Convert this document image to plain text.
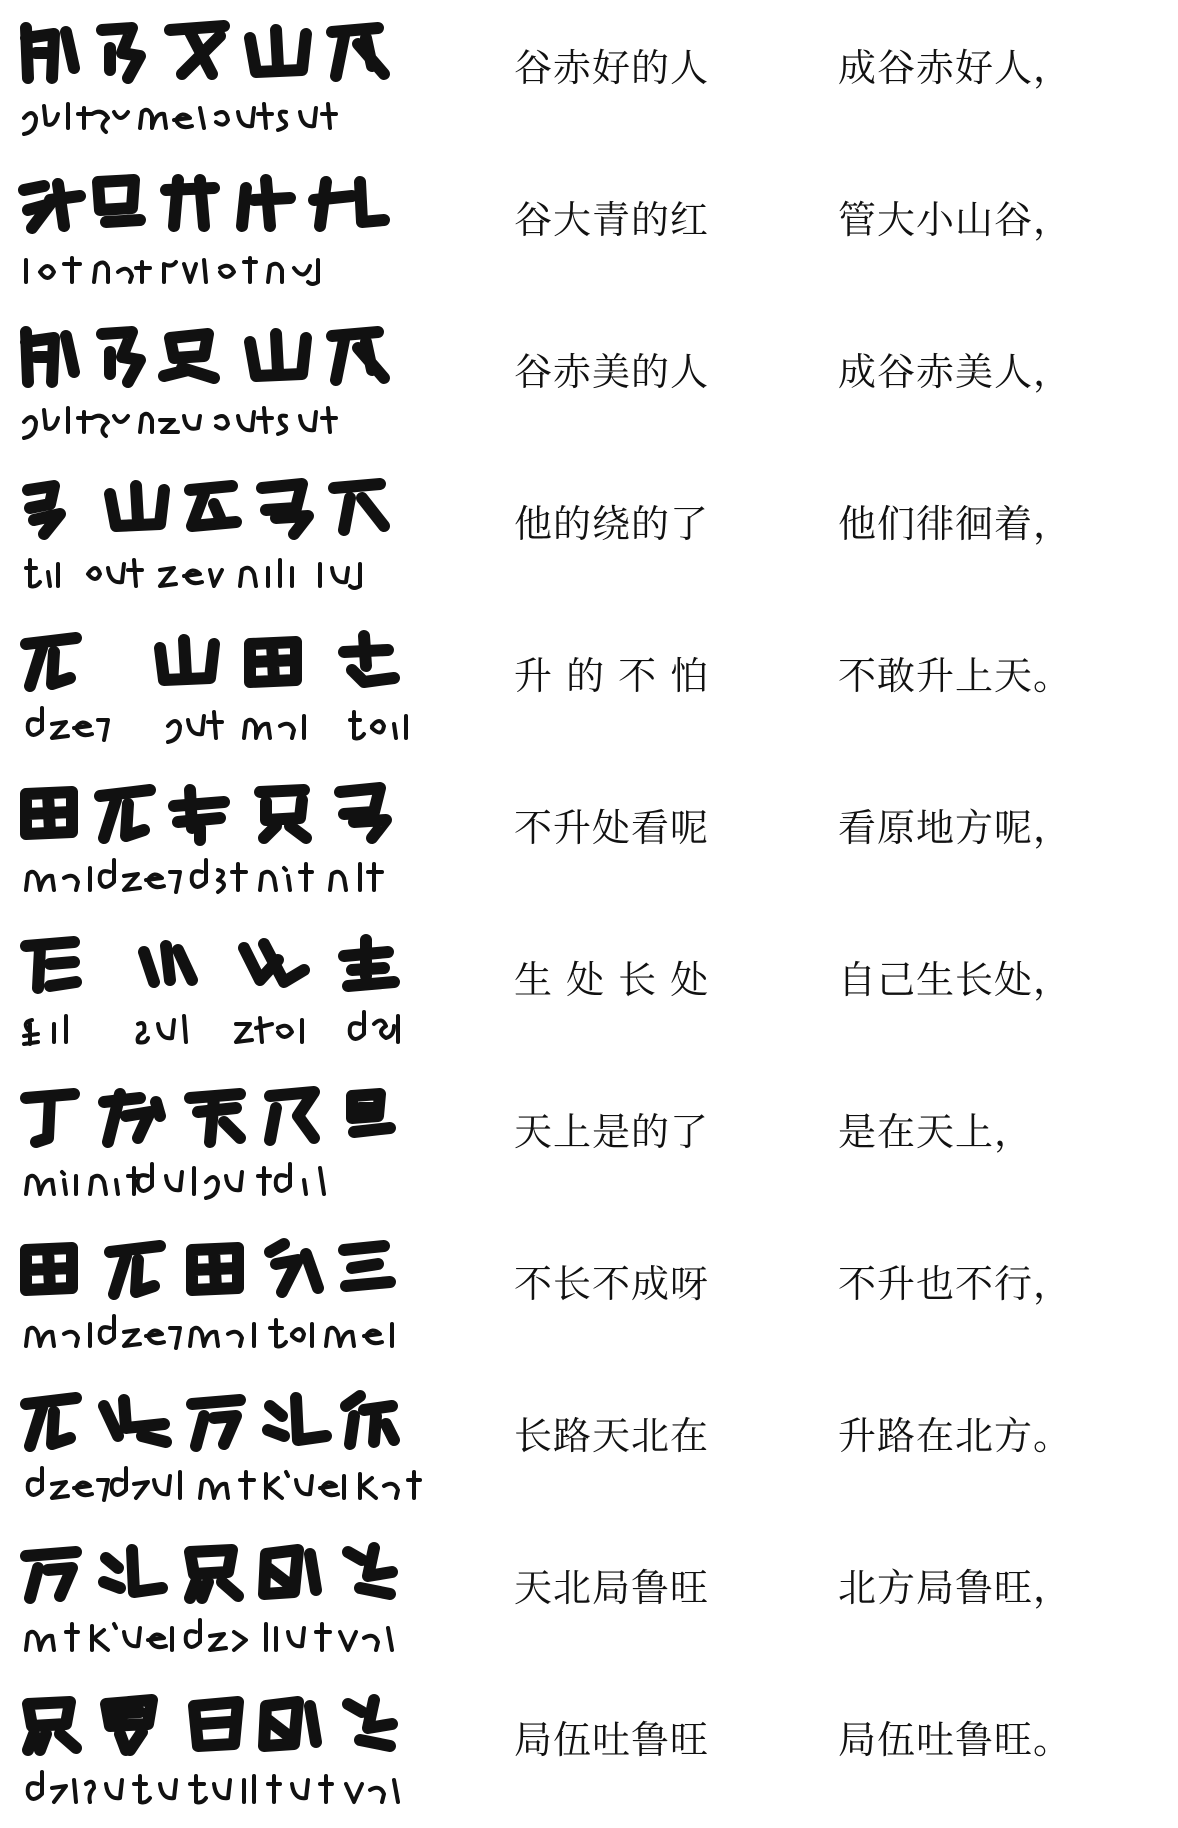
谷赤好的人	成谷赤好人，
谷大青的红	管大小山谷，
谷赤美的人	成谷赤美人，
他的绕的了	他们徘徊着，
升 的 不 怕	不敢升上天。
不升处看呢	看原地方呢，
生 处 长 处	自己生长处，
天上是的了	是在天上，
不长不成呀	不升也不行，
长路天北在	升路在北方。
天北局鲁旺	北方局鲁旺，
局伍吐鲁旺	局伍吐鲁旺。
